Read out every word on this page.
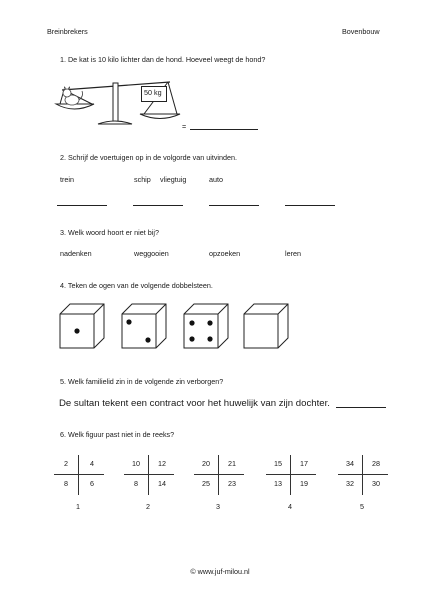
Breinbrekers	Bovenbouw
1. De kat is 10 kilo lichter dan de hond. Hoeveel weegt de hond?
50 kg
=
2. Schrijf de voertuigen op in de volgorde van uitvinden.
trein	schip vliegtuig	auto
3. Welk woord hoort er niet bij?
nadenken	weggooien	opzoeken	leren
4. Teken de ogen van de volgende dobbelsteen.
5. Welk familielid zin in de volgende zin verborgen?
De sultan tekent een contract voor het huwelijk van zijn dochter.
6. Welk figuur past niet in de reeks?
2	4
8	6
1
10	12
8	14
2
20	21
25	23
3
15	17
13	19
4
34	28
32	30
5
© www.juf-milou.nl
